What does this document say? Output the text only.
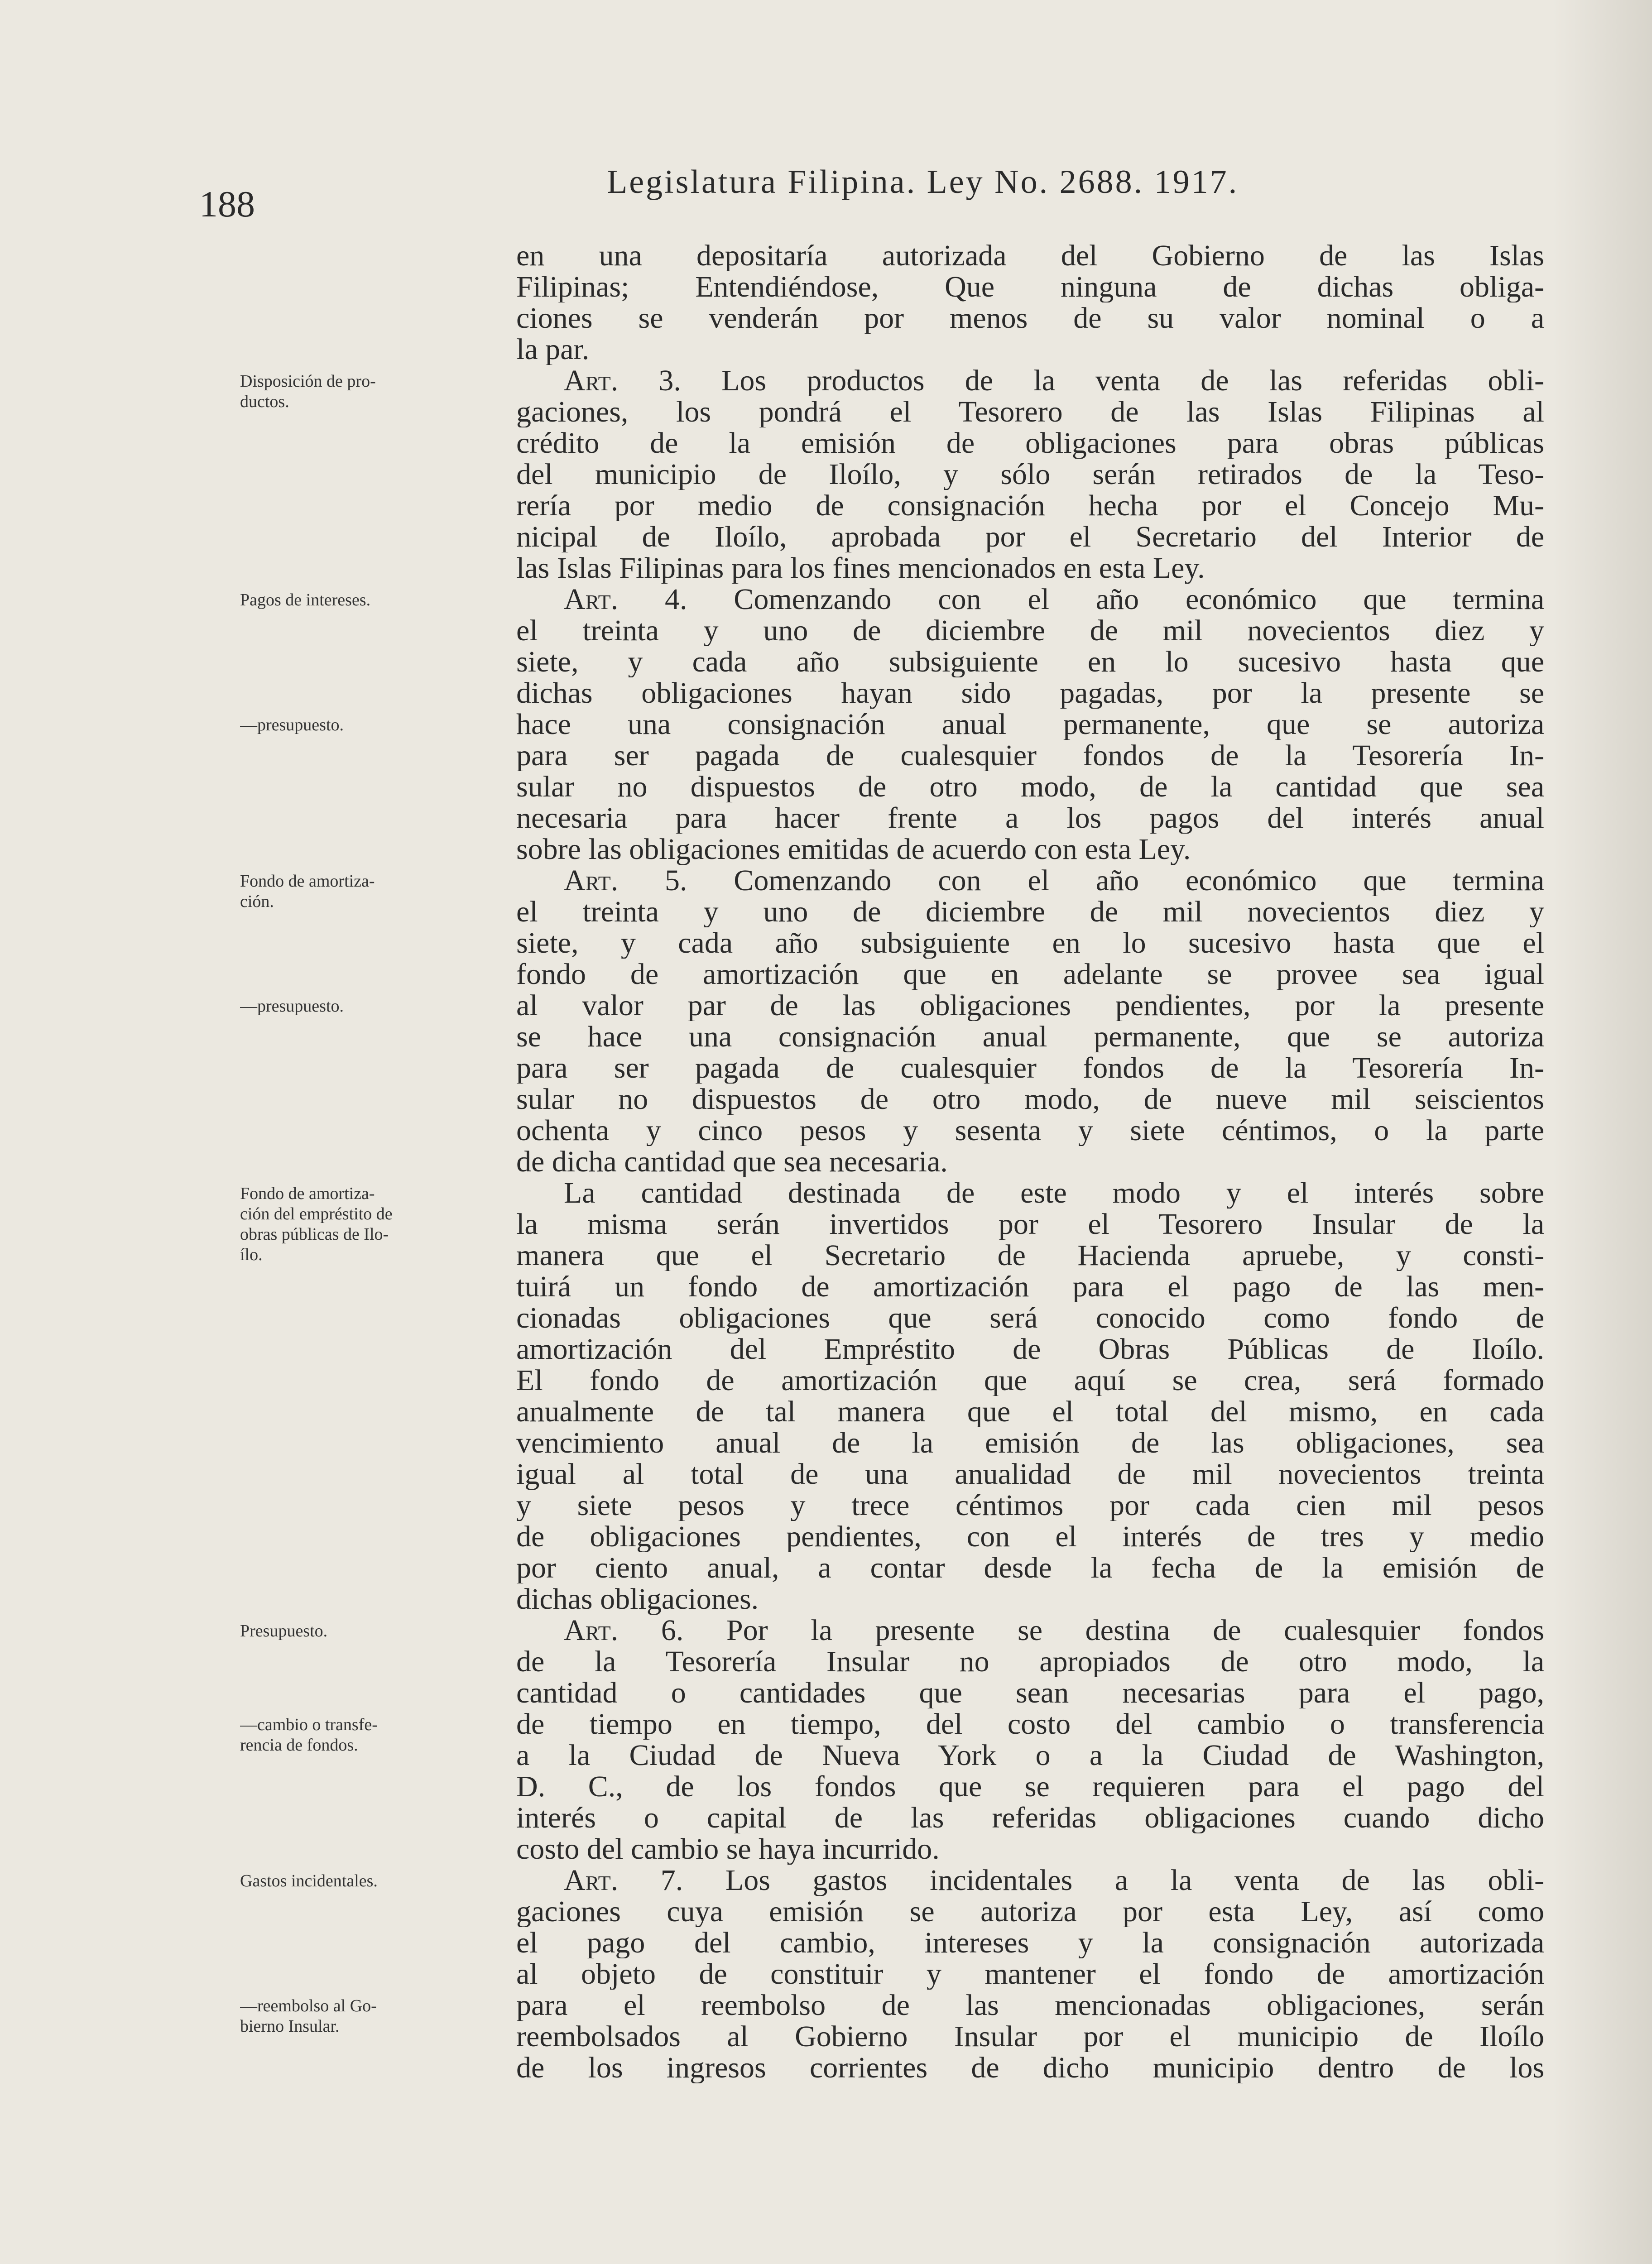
188
Legislatura Filipina. Ley No. 2688. 1917.
Disposición de pro-
ductos.
Pagos de intereses.
—presupuesto.
Fondo de amortiza-
ción.
—presupuesto.
Fondo de amortiza-
ción del empréstito de
obras públicas de Ilo-
ílo.
Presupuesto.
—cambio o transfe-
rencia de fondos.
Gastos incidentales.
—reembolso al Go-
bierno Insular.
en una depositaría autorizada del Gobierno de las Islas
Filipinas; Entendiéndose, Que ninguna de dichas obliga-
ciones se venderán por menos de su valor nominal o a
la par.
Art. 3. Los productos de la venta de las referidas obli-
gaciones, los pondrá el Tesorero de las Islas Filipinas al
crédito de la emisión de obligaciones para obras públicas
del municipio de Iloílo, y sólo serán retirados de la Teso-
rería por medio de consignación hecha por el Concejo Mu-
nicipal de Iloílo, aprobada por el Secretario del Interior de
las Islas Filipinas para los fines mencionados en esta Ley.
Art. 4. Comenzando con el año económico que termina
el treinta y uno de diciembre de mil novecientos diez y
siete, y cada año subsiguiente en lo sucesivo hasta que
dichas obligaciones hayan sido pagadas, por la presente se
hace una consignación anual permanente, que se autoriza
para ser pagada de cualesquier fondos de la Tesorería In-
sular no dispuestos de otro modo, de la cantidad que sea
necesaria para hacer frente a los pagos del interés anual
sobre las obligaciones emitidas de acuerdo con esta Ley.
Art. 5. Comenzando con el año económico que termina
el treinta y uno de diciembre de mil novecientos diez y
siete, y cada año subsiguiente en lo sucesivo hasta que el
fondo de amortización que en adelante se provee sea igual
al valor par de las obligaciones pendientes, por la presente
se hace una consignación anual permanente, que se autoriza
para ser pagada de cualesquier fondos de la Tesorería In-
sular no dispuestos de otro modo, de nueve mil seiscientos
ochenta y cinco pesos y sesenta y siete céntimos, o la parte
de dicha cantidad que sea necesaria.
La cantidad destinada de este modo y el interés sobre
la misma serán invertidos por el Tesorero Insular de la
manera que el Secretario de Hacienda apruebe, y consti-
tuirá un fondo de amortización para el pago de las men-
cionadas obligaciones que será conocido como fondo de
amortización del Empréstito de Obras Públicas de Iloílo.
El fondo de amortización que aquí se crea, será formado
anualmente de tal manera que el total del mismo, en cada
vencimiento anual de la emisión de las obligaciones, sea
igual al total de una anualidad de mil novecientos treinta
y siete pesos y trece céntimos por cada cien mil pesos
de obligaciones pendientes, con el interés de tres y medio
por ciento anual, a contar desde la fecha de la emisión de
dichas obligaciones.
Art. 6. Por la presente se destina de cualesquier fondos
de la Tesorería Insular no apropiados de otro modo, la
cantidad o cantidades que sean necesarias para el pago,
de tiempo en tiempo, del costo del cambio o transferencia
a la Ciudad de Nueva York o a la Ciudad de Washington,
D. C., de los fondos que se requieren para el pago del
interés o capital de las referidas obligaciones cuando dicho
costo del cambio se haya incurrido.
Art. 7. Los gastos incidentales a la venta de las obli-
gaciones cuya emisión se autoriza por esta Ley, así como
el pago del cambio, intereses y la consignación autorizada
al objeto de constituir y mantener el fondo de amortización
para el reembolso de las mencionadas obligaciones, serán
reembolsados al Gobierno Insular por el municipio de Iloílo
de los ingresos corrientes de dicho municipio dentro de los
